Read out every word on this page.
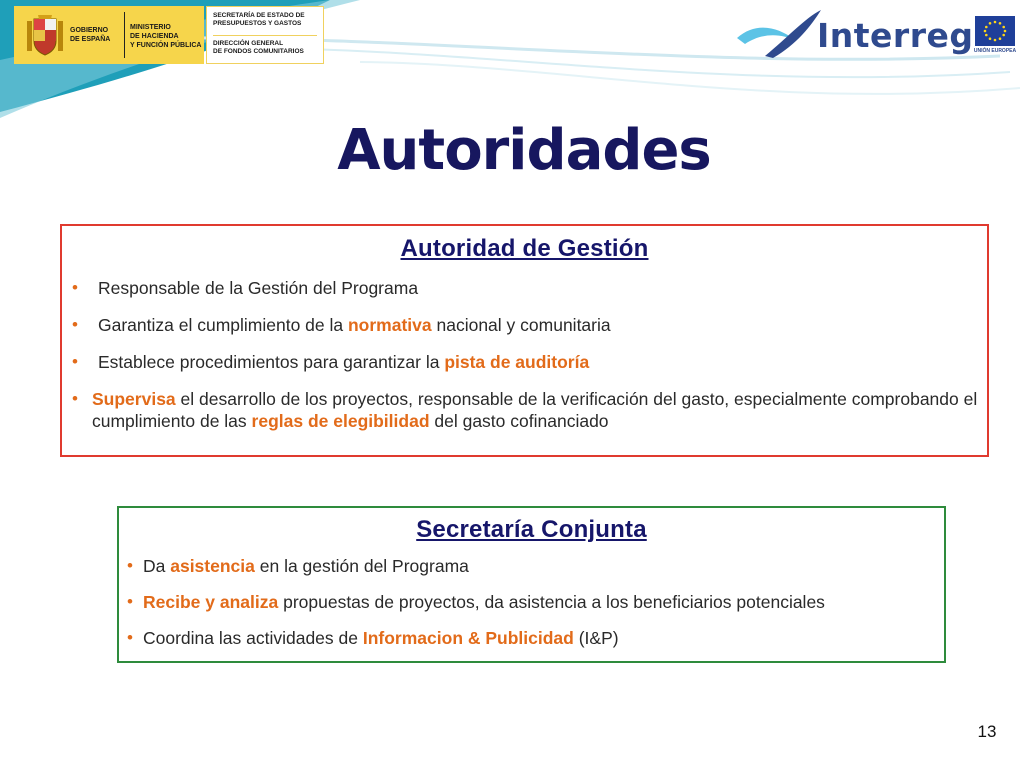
GOBIERNO
DE ESPAÑA
MINISTERIO
DE HACIENDA
Y FUNCIÓN PÚBLICA
SECRETARÍA DE ESTADO DE
PRESUPUESTOS Y GASTOS
DIRECCIÓN GENERAL
DE FONDOS COMUNITARIOS	Interreg UNIÓN EUROPEA
Autoridades
Autoridad de Gestión
• Responsable de la Gestión del Programa
• Garantiza el cumplimiento de la normativa nacional y comunitaria
• Establece procedimientos para garantizar la pista de auditoría
• Supervisa el desarrollo de los proyectos, responsable de la verificación del gasto, especialmente comprobando el cumplimiento de las reglas de elegibilidad del gasto cofinanciado
Secretaría Conjunta
• Da asistencia en la gestión del Programa
• Recibe y analiza propuestas de proyectos, da asistencia a los beneficiarios potenciales
• Coordina las actividades de Informacion & Publicidad (I&P)
13
